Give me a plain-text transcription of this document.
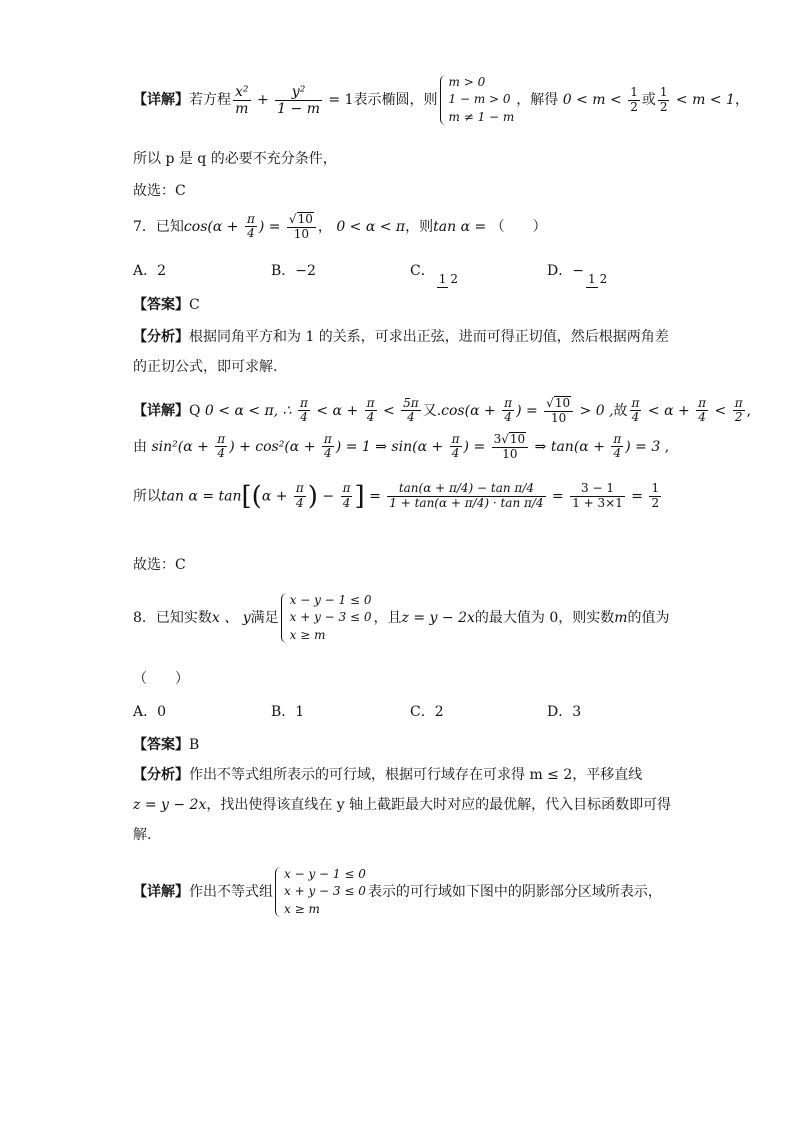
【详解】若方程 $\frac{\text{x²}}{m} + \frac{\text{y²}}{1 - m} = 1$表示椭圆，则
m > 0
1 − m > 0
m ≠ 1 − m
，解得 $0 < m < \frac{1}{2}$ 或 $\frac{1}{2} < m < 1$，
所以 p 是 q 的必要不充分条件，
故选：C
7．已知$\cos(\alpha + \frac{\pi}{4}$ ) = $\frac{√10}{10}$ ， 0 < α < π，则tan α = （　　）
A．2	B．−2	C． 1 2	D．− 1 2
【答案】C
【分析】根据同角平方和为 1 的关系，可求出正弦，进而可得正切值，然后根据两角差
的正切公式，即可求解.
【详解】Q 0 < α < π, ∴ $\frac{\pi}{4} < \alpha + \frac{\pi}{4} < \frac{5\pi}{4}$ 又$.\cos(\alpha + \frac{\pi}{4}$ ) = $\frac{√10}{10} > 0$ ,故 $\frac{\pi}{4} < \alpha + \frac{\pi}{4} < \frac{\pi}{2}$ ,
由 $\sin^2(\alpha + \frac{\pi}{4}$ ) + $\cos^2(\alpha + \frac{\pi}{4}$ ) = 1 ⇒ $\sin(\alpha + \frac{\pi}{4}$ ) = $\frac{3√10}{10}$ ⇒ $\tan(\alpha + \frac{\pi}{4}$ ) = 3 ,
所以$\tan \alpha = \tan[(\alpha + \frac{\pi}{4}$ ) − $\frac{\pi}{4}$ ] = $\frac{\text{tan(α + π/4) − tan π/4}}{\text{1 + tan(α + π/4) · tan π/4}} = \frac{3 - 1}{1 + 3\times 1} = \frac{1}{2}$
故选：C
8．已知实数x 、 y满足
x − y − 1 ≤ 0
x + y − 3 ≤ 0
x ≥ m
，且z = y − 2x的最大值为 0，则实数m的值为
（　　）
A．0	B．1	C．2	D．3
【答案】B
【分析】作出不等式组所表示的可行域，根据可行域存在可求得 m ≤ 2，平移直线
z = y − 2x，找出使得该直线在 y 轴上截距最大时对应的最优解，代入目标函数即可得
解.
【详解】作出不等式组
x − y − 1 ≤ 0
x + y − 3 ≤ 0
x ≥ m
表示的可行域如下图中的阴影部分区域所表示，
